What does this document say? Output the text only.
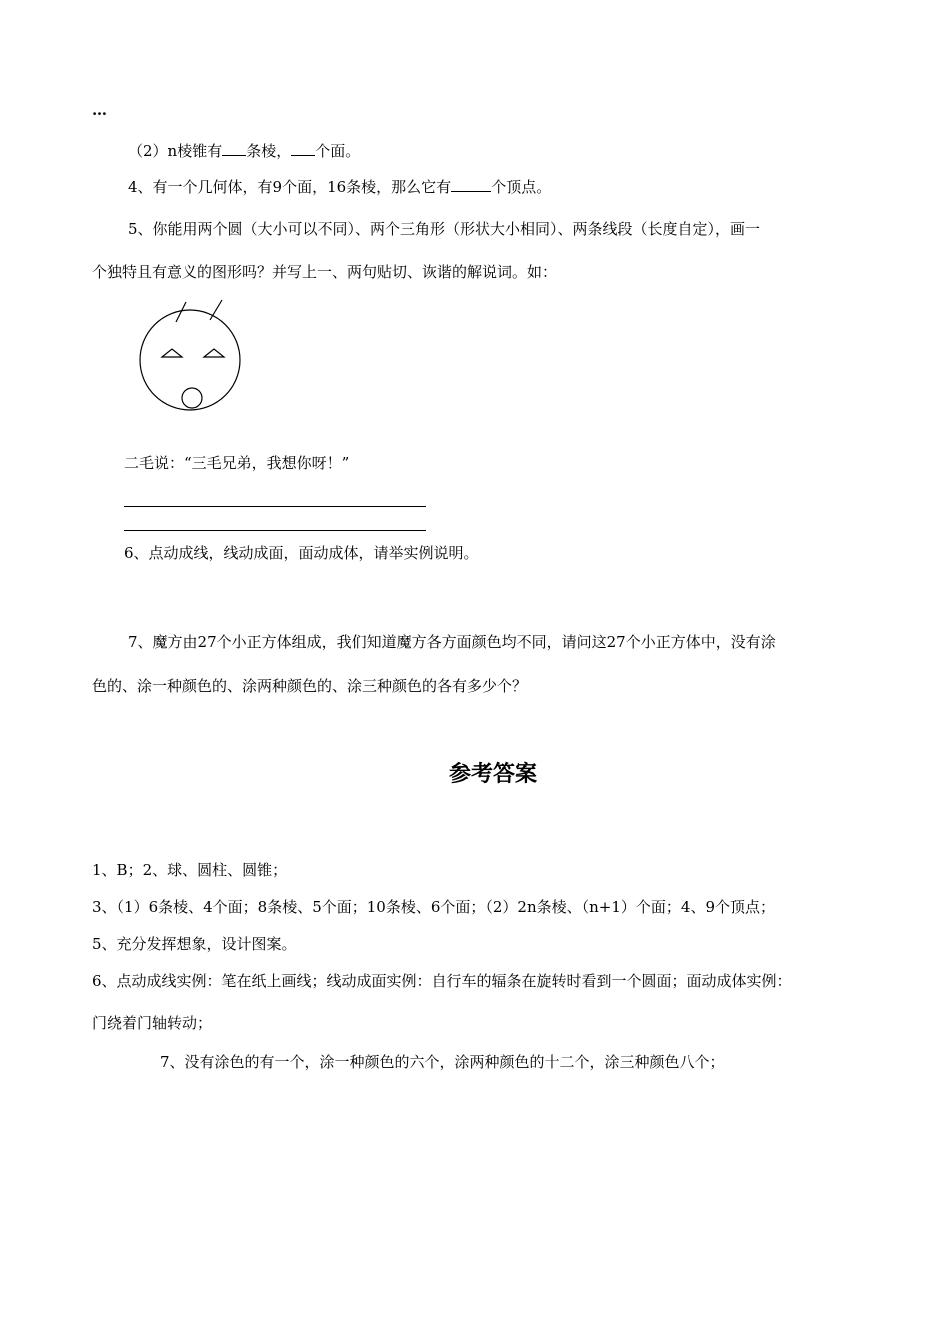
…
（2）n棱锥有 条棱， 个面。
4、有一个几何体，有9个面，16条棱，那么它有	个顶点。
5、你能用两个圆（大小可以不同）、两个三角形（形状大小相同）、两条线段（长度自定），画一
个独特且有意义的图形吗？并写上一、两句贴切、诙谐的解说词。如：
二毛说：“三毛兄弟，我想你呀！”
6、点动成线，线动成面，面动成体，请举实例说明。
7、魔方由27个小正方体组成，我们知道魔方各方面颜色均不同，请问这27个小正方体中，没有涂
色的、涂一种颜色的、涂两种颜色的、涂三种颜色的各有多少个？
参考答案
1、B；2、球、圆柱、圆锥；
3、（1）6条棱、4个面；8条棱、5个面；10条棱、6个面；（2）2n条棱、（n+1）个面；4、9个顶点；
5、充分发挥想象，设计图案。
6、点动成线实例：笔在纸上画线；线动成面实例：自行车的辐条在旋转时看到一个圆面；面动成体实例：
门绕着门轴转动；
7、没有涂色的有一个，涂一种颜色的六个，涂两种颜色的十二个，涂三种颜色八个；
